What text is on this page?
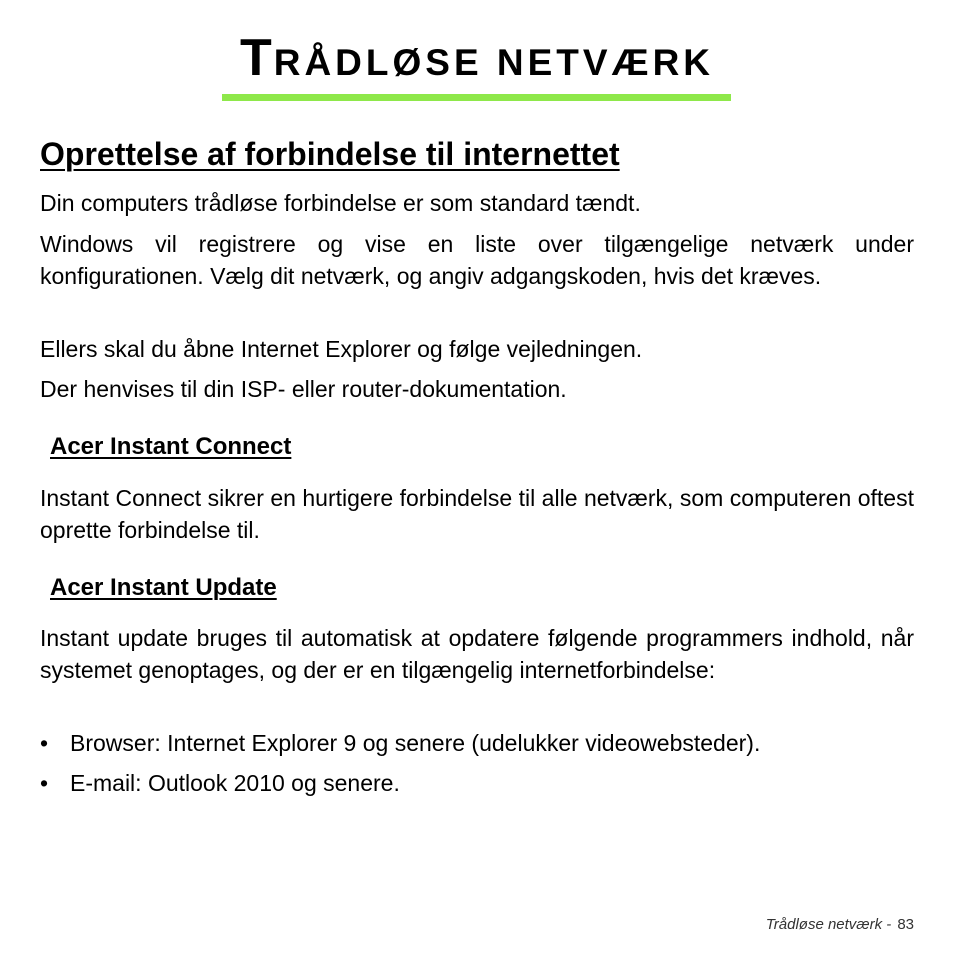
TRÅDLØSE NETVÆRK
Oprettelse af forbindelse til internettet

Din computers trådløse forbindelse er som standard tændt.

Windows vil registrere og vise en liste over tilgængelige netværk under konfigurationen. Vælg dit netværk, og angiv adgangskoden, hvis det kræves.

Ellers skal du åbne Internet Explorer og følge vejledningen.

Der henvises til din ISP- eller router-dokumentation.

Acer Instant Connect

Instant Connect sikrer en hurtigere forbindelse til alle netværk, som computeren oftest oprette forbindelse til.

Acer Instant Update

Instant update bruges til automatisk at opdatere følgende programmers indhold, når systemet genoptages, og der er en tilgængelig internetforbindelse:

• Browser: Internet Explorer 9 og senere (udelukker videowebsteder).

• E-mail: Outlook 2010 og senere.

Trådløse netværk - 83
